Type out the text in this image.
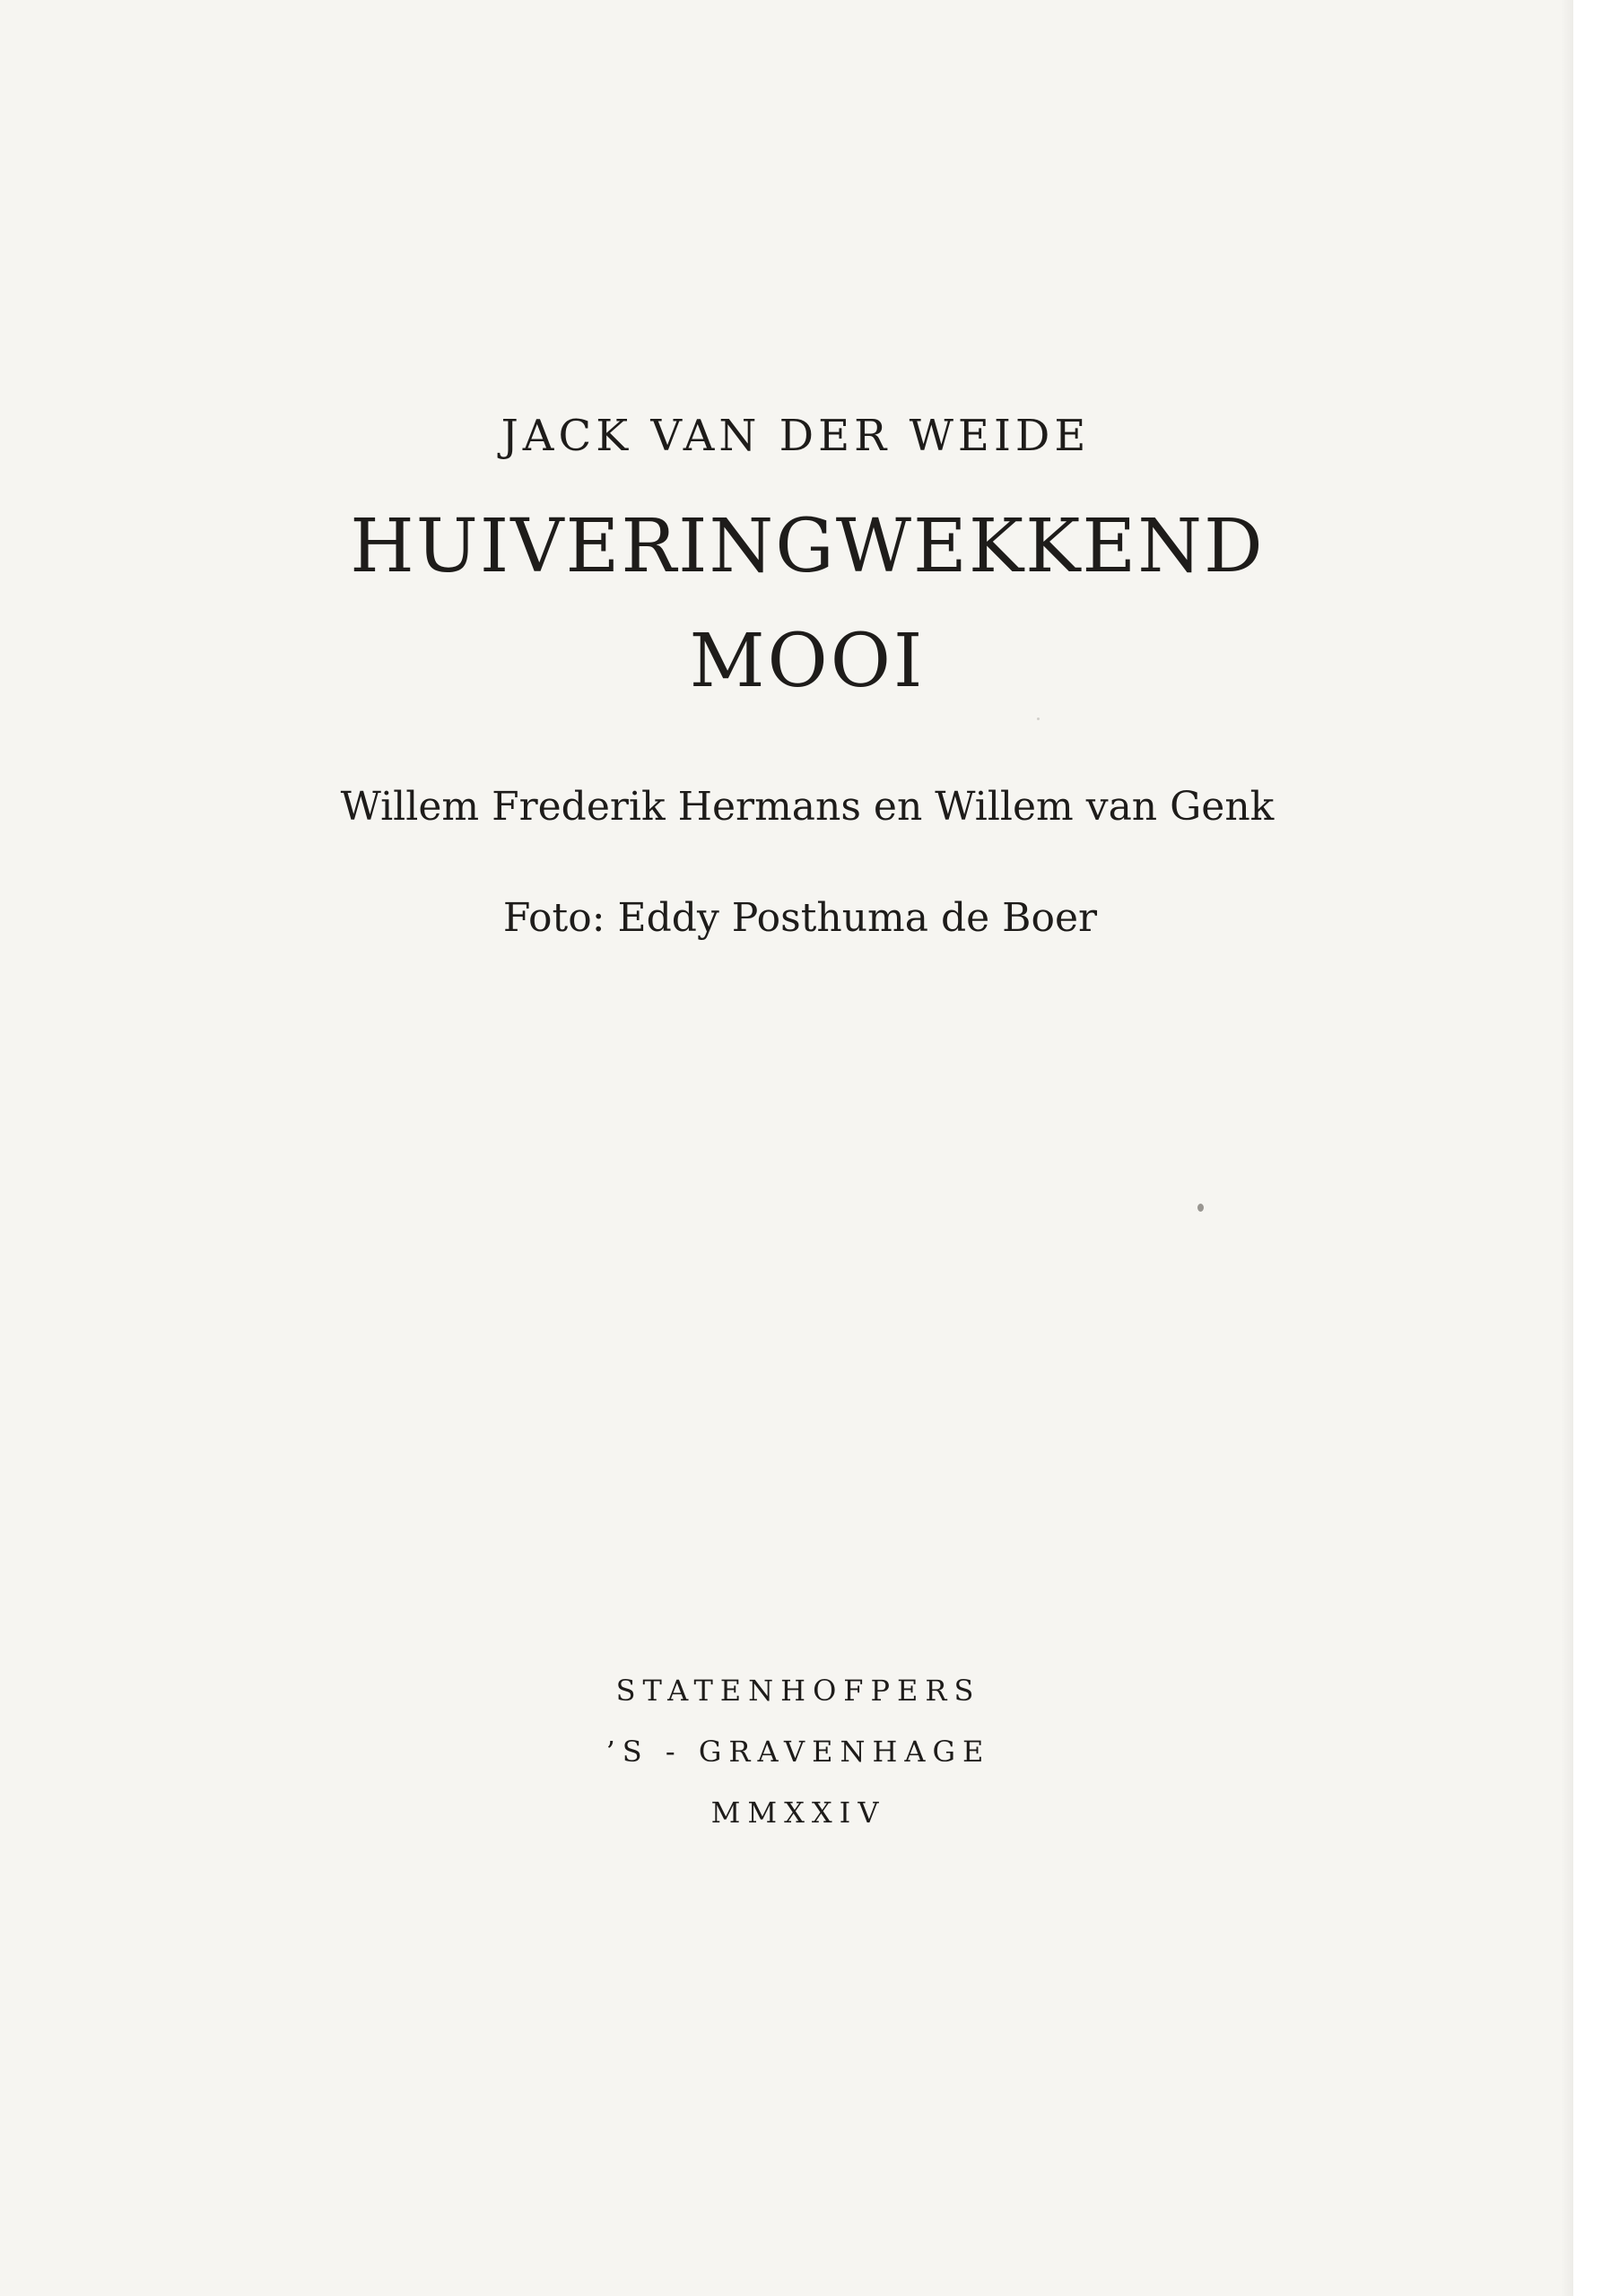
JACK VAN DER WEIDE
HUIVERINGWEKKEND
MOOI
Willem Frederik Hermans en Willem van Genk
Foto: Eddy Posthuma de Boer
STATENHOFPERS
’S - GRAVENHAGE
MMXXIV
